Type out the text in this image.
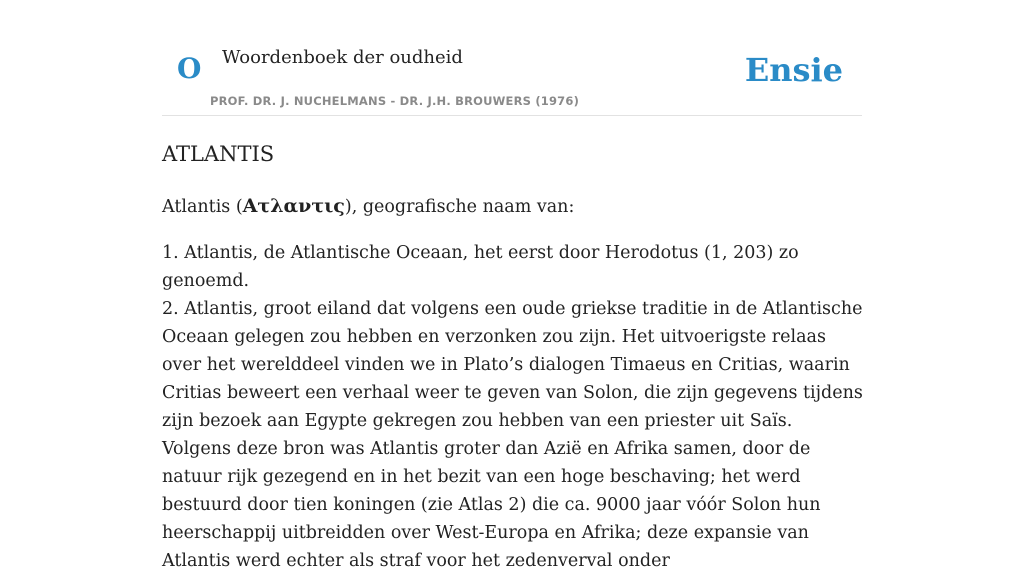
O Woordenboek der oudheid
PROF. DR. J. NUCHELMANS - DR. J.H. BROUWERS (1976)
Ensie
ATLANTIS

Atlantis (Ατλαντις), geografische naam van:

1. Atlantis, de Atlantische Oceaan, het eerst door Herodotus (1, 203) zo genoemd.
2. Atlantis, groot eiland dat volgens een oude griekse traditie in de Atlantische Oceaan gelegen zou hebben en verzonken zou zijn. Het uitvoerigste relaas over het werelddeel vinden we in Plato’s dialogen Timaeus en Critias, waarin Critias beweert een verhaal weer te geven van Solon, die zijn gegevens tijdens zijn bezoek aan Egypte gekregen zou hebben van een priester uit Saïs. Volgens deze bron was Atlantis groter dan Azië en Afrika samen, door de natuur rijk gezegend en in het bezit van een hoge beschaving; het werd bestuurd door tien koningen (zie Atlas 2) die ca. 9000 jaar vóór Solon hun heerschappij uitbreidden over West-Europa en Afrika; deze expansie van Atlantis werd echter als straf voor het zedenverval onder
